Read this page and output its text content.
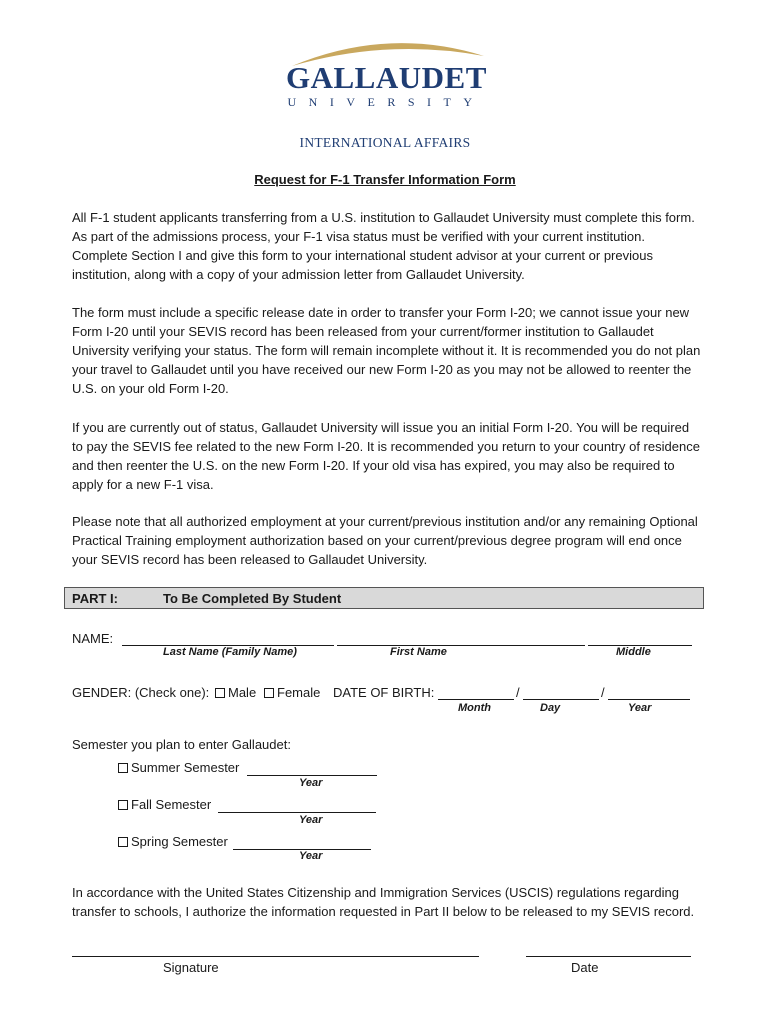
GALLAUDET
UNIVERSITY
INTERNATIONAL AFFAIRS
Request for F-1 Transfer Information Form
All F-1 student applicants transferring from a U.S. institution to Gallaudet University must complete this form. As part of the admissions process, your F-1 visa status must be verified with your current institution. Complete Section I and give this form to your international student advisor at your current or previous institution, along with a copy of your admission letter from Gallaudet University.
The form must include a specific release date in order to transfer your Form I-20; we cannot issue your new Form I-20 until your SEVIS record has been released from your current/former institution to Gallaudet University verifying your status. The form will remain incomplete without it. It is recommended you do not plan your travel to Gallaudet until you have received our new Form I-20 as you may not be allowed to reenter the U.S. on your old Form I-20.
If you are currently out of status, Gallaudet University will issue you an initial Form I-20. You will be required to pay the SEVIS fee related to the new Form I-20. It is recommended you return to your country of residence and then reenter the U.S. on the new Form I-20. If your old visa has expired, you may also be required to apply for a new F-1 visa.
Please note that all authorized employment at your current/previous institution and/or any remaining Optional Practical Training employment authorization based on your current/previous degree program will end once your SEVIS record has been released to Gallaudet University.
PART I:	To Be Completed By Student
NAME:
Last Name (Family Name)	First Name	Middle
GENDER: (Check one):	Male	Female DATE OF BIRTH:	/	/
Month	Day	Year
Semester you plan to enter Gallaudet:
Summer Semester
Year
Fall Semester
Year
Spring Semester
Year
In accordance with the United States Citizenship and Immigration Services (USCIS) regulations regarding transfer to schools, I authorize the information requested in Part II below to be released to my SEVIS record.
Signature	Date
